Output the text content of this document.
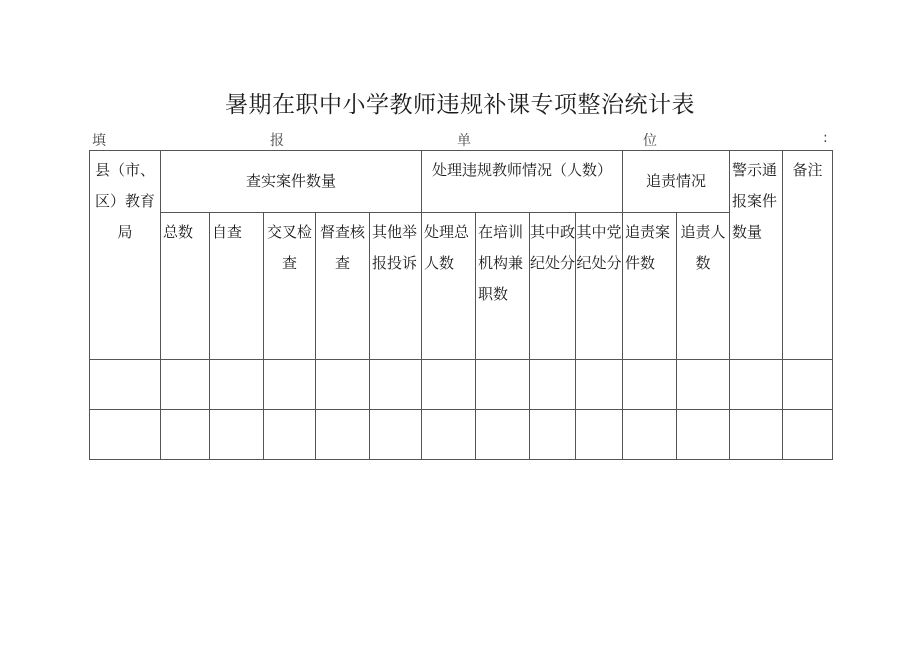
暑期在职中小学教师违规补课专项整治统计表
填	报	单	位	:
县（市、区）教育局	查实案件数量					处理违规教师情况（人数）				追责情况		警示通报案件数量	备注
	总数	自查	交叉检查	督查核查	其他举报投诉	处理总人数	在培训机构兼职数	其中政纪处分	其中党纪处分	追责案件数	追责人数		
